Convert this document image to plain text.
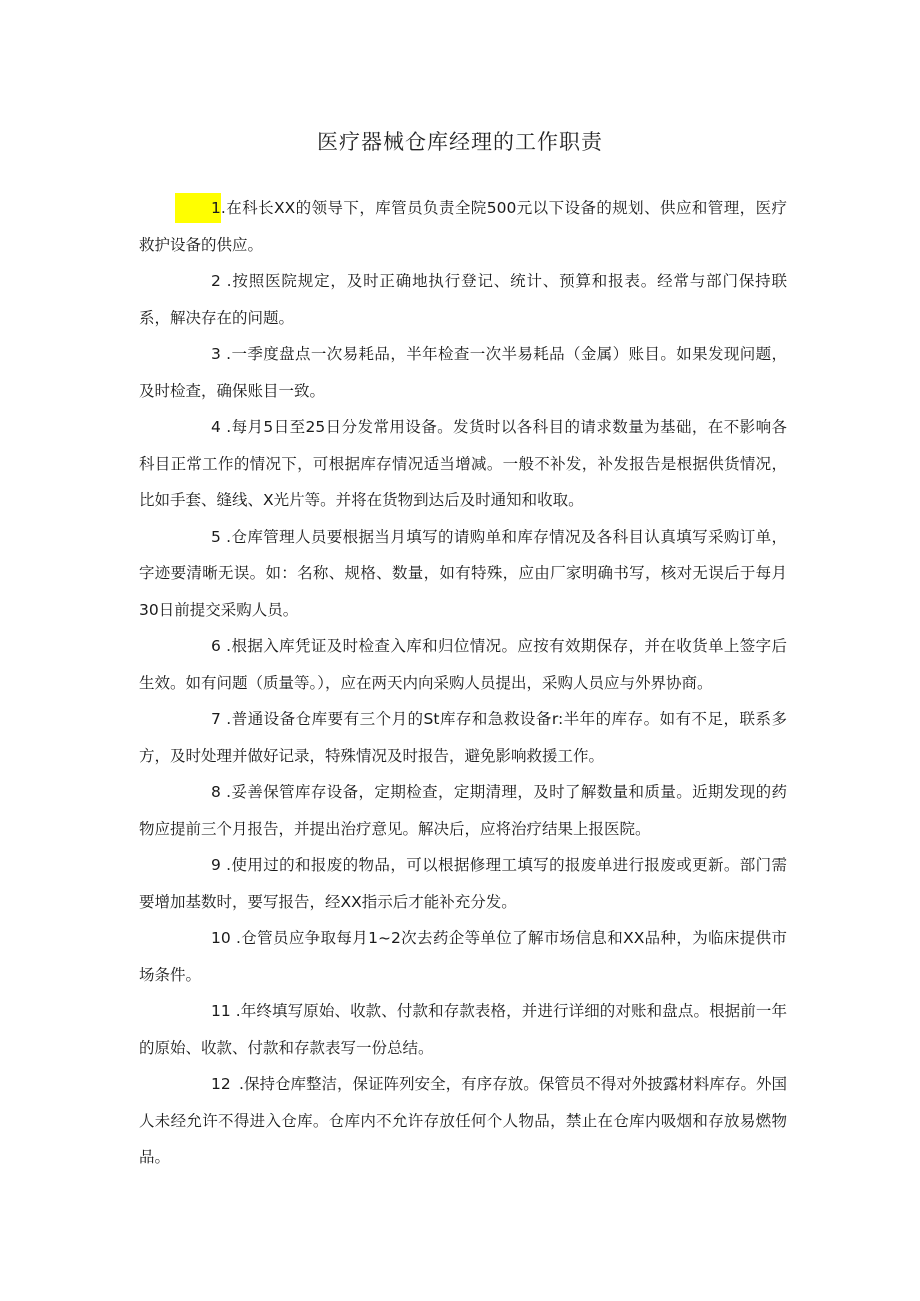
医疗器械仓库经理的工作职责

1.在科长XX的领导下，库管员负责全院500元以下设备的规划、供应和管理，医疗救护设备的供应。

2 .按照医院规定，及时正确地执行登记、统计、预算和报表。经常与部门保持联系，解决存在的问题。

3 .一季度盘点一次易耗品，半年检查一次半易耗品（金属）账目。如果发现问题，及时检查，确保账目一致。

4 .每月5日至25日分发常用设备。发货时以各科目的请求数量为基础，在不影响各科目正常工作的情况下，可根据库存情况适当增减。一般不补发，补发报告是根据供货情况，比如手套、缝线、X光片等。并将在货物到达后及时通知和收取。

5 .仓库管理人员要根据当月填写的请购单和库存情况及各科目认真填写采购订单，字迹要清晰无误。如：名称、规格、数量，如有特殊，应由厂家明确书写，核对无误后于每月30日前提交采购人员。

6 .根据入库凭证及时检查入库和归位情况。应按有效期保存，并在收货单上签字后生效。如有问题（质量等。），应在两天内向采购人员提出，采购人员应与外界协商。

7 .普通设备仓库要有三个月的St库存和急救设备r:半年的库存。如有不足，联系多方，及时处理并做好记录，特殊情况及时报告，避免影响救援工作。

8 .妥善保管库存设备，定期检查，定期清理，及时了解数量和质量。近期发现的药物应提前三个月报告，并提出治疗意见。解决后，应将治疗结果上报医院。

9 .使用过的和报废的物品，可以根据修理工填写的报废单进行报废或更新。部门需要增加基数时，要写报告，经XX指示后才能补充分发。

10 .仓管员应争取每月1~2次去药企等单位了解市场信息和XX品种，为临床提供市场条件。

11 .年终填写原始、收款、付款和存款表格，并进行详细的对账和盘点。根据前一年的原始、收款、付款和存款表写一份总结。

12 .保持仓库整洁，保证阵列安全，有序存放。保管员不得对外披露材料库存。外国人未经允许不得进入仓库。仓库内不允许存放任何个人物品，禁止在仓库内吸烟和存放易燃物品。
